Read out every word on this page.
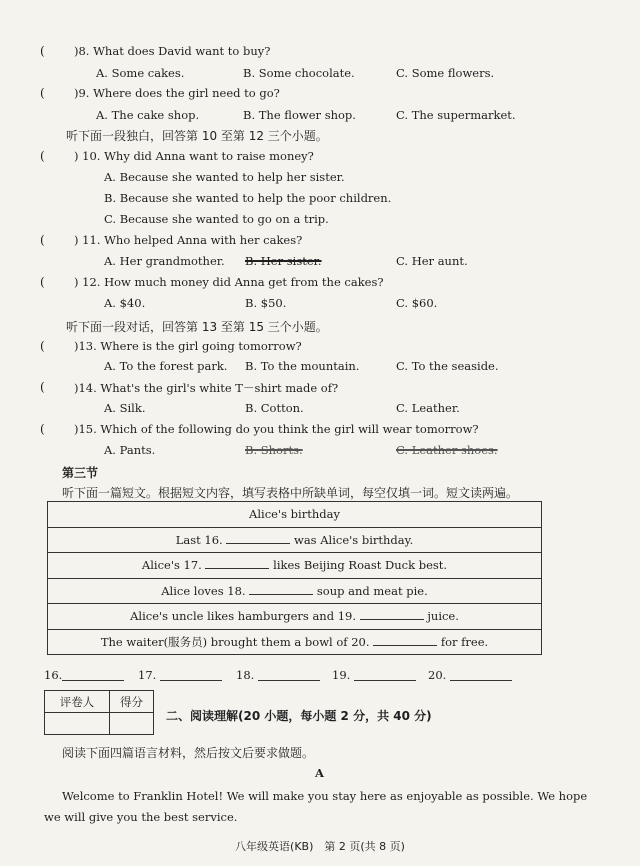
(	)8. What does David want to buy?
A. Some cakes.	B. Some chocolate.	C. Some flowers.
(	)9. Where does the girl need to go?
A. The cake shop.	B. The flower shop.	C. The supermarket.
听下面一段独白，回答第 10 至第 12 三个小题。
(	) 10. Why did Anna want to raise money?
A. Because she wanted to help her sister.
B. Because she wanted to help the poor children.
C. Because she wanted to go on a trip.
(	) 11. Who helped Anna with her cakes?
A. Her grandmother. B. Her sister.	C. Her aunt.
(	) 12. How much money did Anna get from the cakes?
A. $40.	B. $50.	C. $60.
听下面一段对话，回答第 13 至第 15 三个小题。
(	)13. Where is the girl going tomorrow?
A. To the forest park. B. To the mountain.	C. To the seaside.
(	)14. What's the girl's white T－shirt made of?
A. Silk.	B. Cotton.	C. Leather.
(	)15. Which of the following do you think the girl will wear tomorrow?
A. Pants.	B. Shorts.	C. Leather shoes.
第三节
听下面一篇短文。根据短文内容，填写表格中所缺单词，每空仅填一词。短文读两遍。
Alice's birthday
Last 16.	was Alice's birthday.
Alice's 17.	likes Beijing Roast Duck best.
Alice loves 18.	soup and meat pie.
Alice's uncle likes hamburgers and 19.	juice.
The waiter(服务员) brought them a bowl of 20.	for free.
16.	17.	18.	19.	20.
评卷人	得分

二、阅读理解(20 小题，每小题 2 分，共 40 分)
阅读下面四篇语言材料，然后按文后要求做题。
A
Welcome to Franklin Hotel! We will make you stay here as enjoyable as possible. We hope
we will give you the best service.
八年级英语(KB)　第 2 页(共 8 页)
